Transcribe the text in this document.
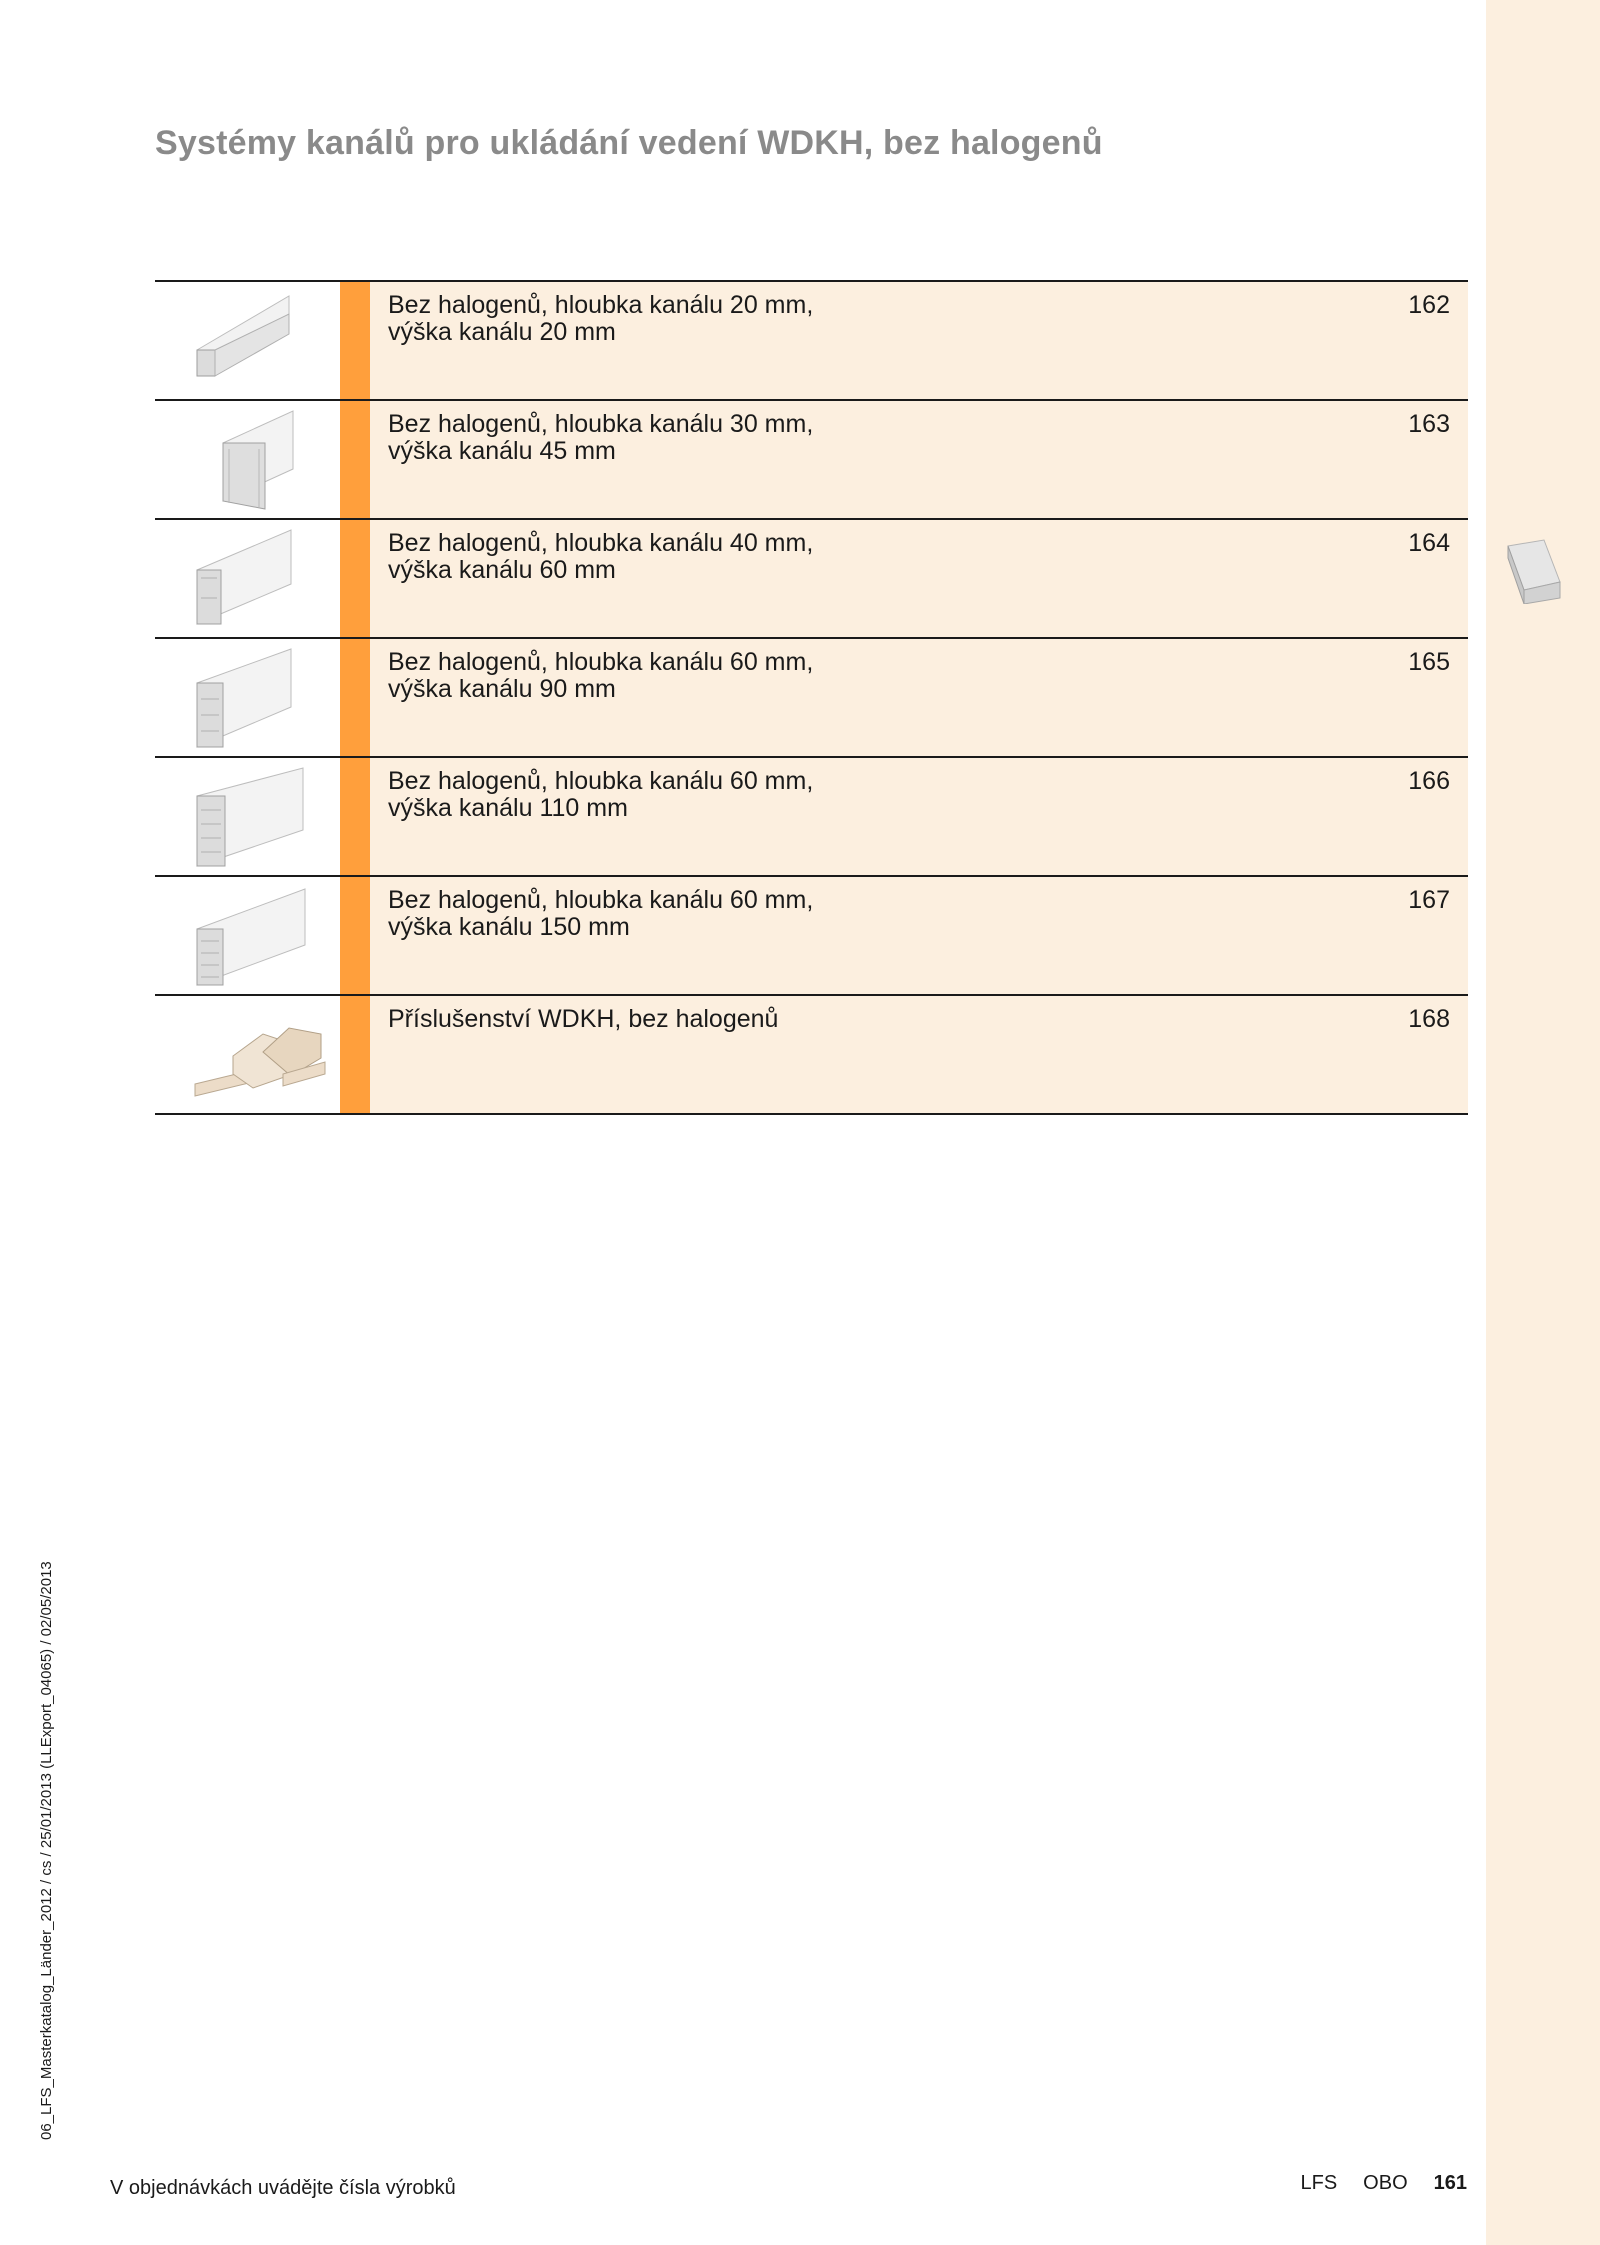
Systémy kanálů pro ukládání vedení WDKH, bez halogenů
Bez halogenů, hloubka kanálu 20 mm, výška kanálu 20 mm
162
Bez halogenů, hloubka kanálu 30 mm, výška kanálu 45 mm
163
Bez halogenů, hloubka kanálu 40 mm, výška kanálu 60 mm
164
Bez halogenů, hloubka kanálu 60 mm, výška kanálu 90 mm
165
Bez halogenů, hloubka kanálu 60 mm, výška kanálu 110 mm
166
Bez halogenů, hloubka kanálu 60 mm, výška kanálu 150 mm
167
Příslušenství WDKH, bez halogenů	168
06_LFS_Masterkatalog_Länder_2012 / cs / 25/01/2013 (LLExport_04065) / 02/05/2013
V objednávkách uvádějte čísla výrobků	LFS OBO 161
